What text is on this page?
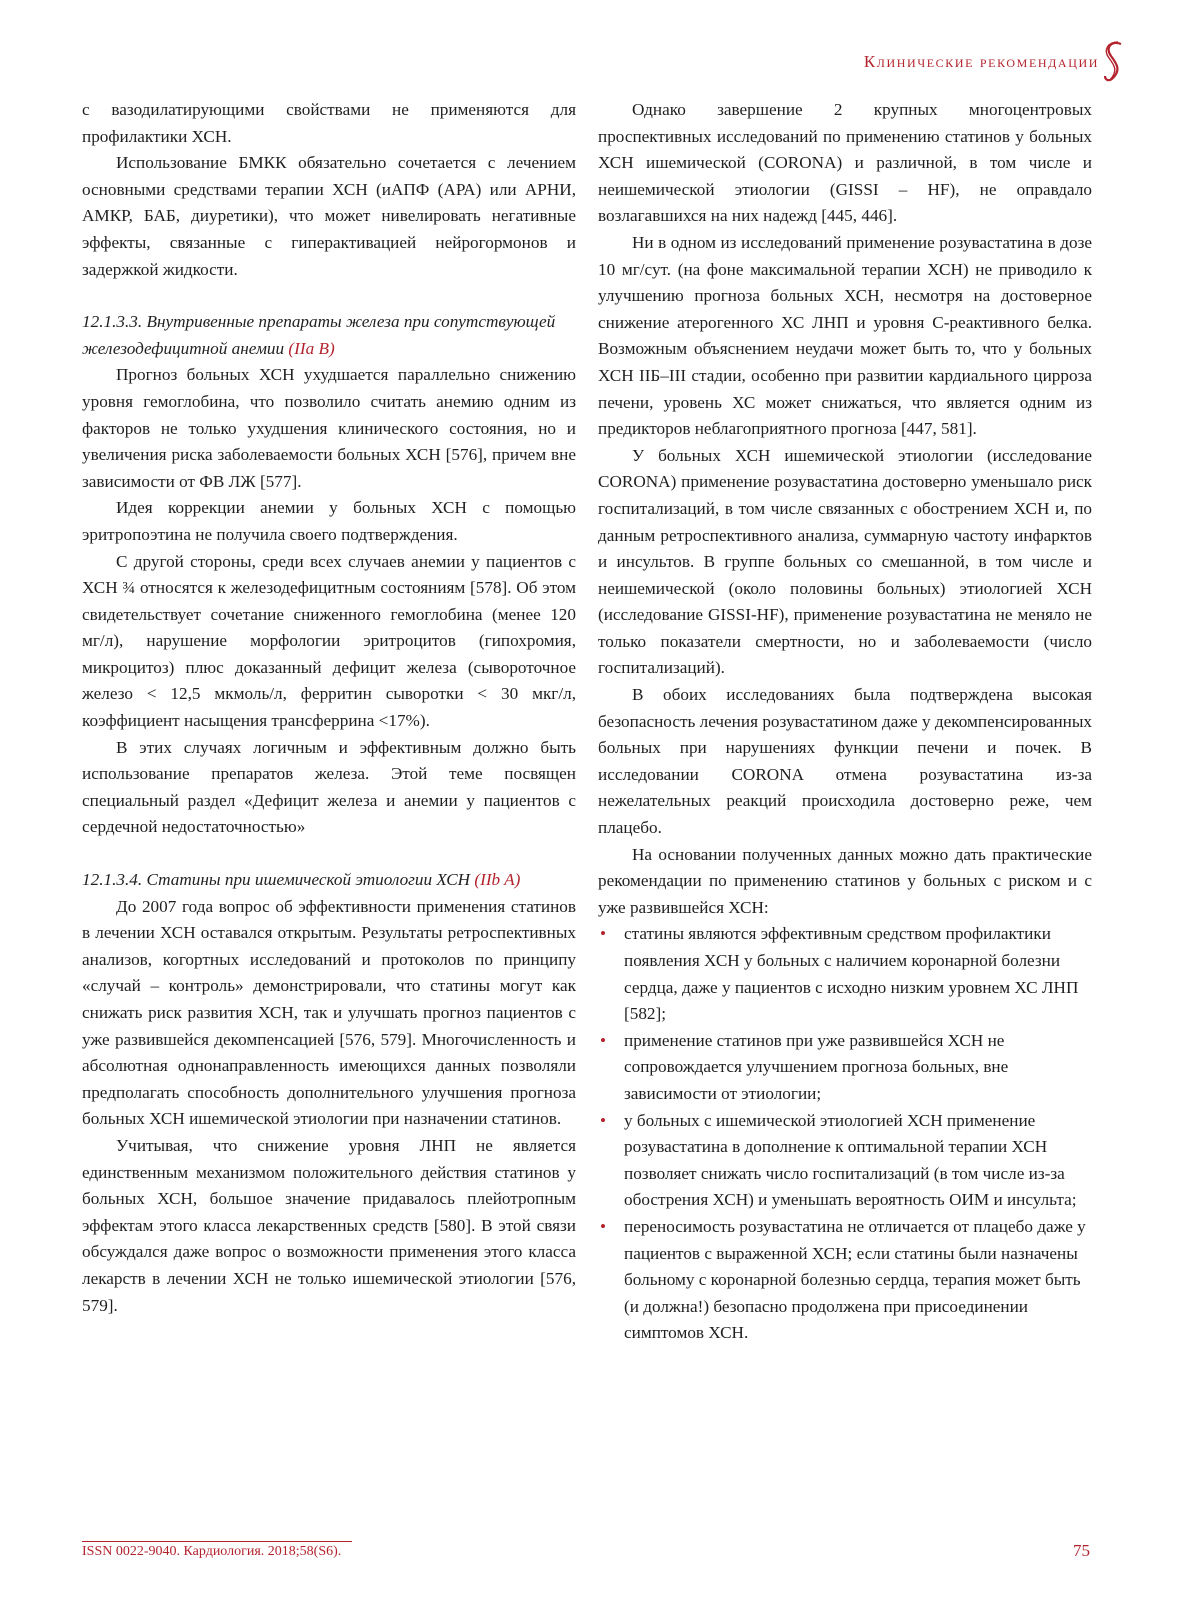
Клинические рекомендации

с вазодилатирующими свойствами не применяются для профилактики ХСН.

Использование БМКК обязательно сочетается с лечением основными средствами терапии ХСН (иАПФ (АРА) или АРНИ, АМКР, БАБ, диуретики), что может нивелировать негативные эффекты, связанные с гиперактивацией нейрогормонов и задержкой жидкости.

12.1.3.3. Внутривенные препараты железа при сопутствующей железодефицитной анемии (IIa B)

Прогноз больных ХСН ухудшается параллельно снижению уровня гемоглобина, что позволило считать анемию одним из факторов не только ухудшения клинического состояния, но и увеличения риска заболеваемости больных ХСН [576], причем вне зависимости от ФВ ЛЖ [577].

Идея коррекции анемии у больных ХСН с помощью эритропоэтина не получила своего подтверждения.

С другой стороны, среди всех случаев анемии у пациентов с ХСН ¾ относятся к железодефицитным состояниям [578]. Об этом свидетельствует сочетание сниженного гемоглобина (менее 120 мг/л), нарушение морфологии эритроцитов (гипохромия, микроцитоз) плюс доказанный дефицит железа (сывороточное железо < 12,5 мкмоль/л, ферритин сыворотки < 30 мкг/л, коэффициент насыщения трансферрина <17%).

В этих случаях логичным и эффективным должно быть использование препаратов железа. Этой теме посвящен специальный раздел «Дефицит железа и анемии у пациентов с сердечной недостаточностью»

12.1.3.4. Статины при ишемической этиологии ХСН (IIb A)

До 2007 года вопрос об эффективности применения статинов в лечении ХСН оставался открытым. Результаты ретроспективных анализов, когортных исследований и протоколов по принципу «случай – контроль» демонстрировали, что статины могут как снижать риск развития ХСН, так и улучшать прогноз пациентов с уже развившейся декомпенсацией [576, 579]. Многочисленность и абсолютная однонаправленность имеющихся данных позволяли предполагать способность дополнительного улучшения прогноза больных ХСН ишемической этиологии при назначении статинов.

Учитывая, что снижение уровня ЛНП не является единственным механизмом положительного действия статинов у больных ХСН, большое значение придавалось плейотропным эффектам этого класса лекарственных средств [580]. В этой связи обсуждался даже вопрос о возможности применения этого класса лекарств в лечении ХСН не только ишемической этиологии [576, 579].

Однако завершение 2 крупных многоцентровых проспективных исследований по применению статинов у больных ХСН ишемической (CORONA) и различной, в том числе и неишемической этиологии (GISSI – HF), не оправдало возлагавшихся на них надежд [445, 446].

Ни в одном из исследований применение розувастатина в дозе 10 мг/сут. (на фоне максимальной терапии ХСН) не приводило к улучшению прогноза больных ХСН, несмотря на достоверное снижение атерогенного ХС ЛНП и уровня С-реактивного белка. Возможным объяснением неудачи может быть то, что у больных ХСН IIБ–III стадии, особенно при развитии кардиального цирроза печени, уровень ХС может снижаться, что является одним из предикторов неблагоприятного прогноза [447, 581].

У больных ХСН ишемической этиологии (исследование CORONA) применение розувастатина достоверно уменьшало риск госпитализаций, в том числе связанных с обострением ХСН и, по данным ретроспективного анализа, суммарную частоту инфарктов и инсультов. В группе больных со смешанной, в том числе и неишемической (около половины больных) этиологией ХСН (исследование GISSI-HF), применение розувастатина не меняло не только показатели смертности, но и заболеваемости (число госпитализаций).

В обоих исследованиях была подтверждена высокая безопасность лечения розувастатином даже у декомпенсированных больных при нарушениях функции печени и почек. В исследовании CORONA отмена розувастатина из-за нежелательных реакций происходила достоверно реже, чем плацебо.

На основании полученных данных можно дать практические рекомендации по применению статинов у больных с риском и с уже развившейся ХСН:

• статины являются эффективным средством профилактики появления ХСН у больных с наличием коронарной болезни сердца, даже у пациентов с исходно низким уровнем ХС ЛНП [582];
• применение статинов при уже развившейся ХСН не сопровождается улучшением прогноза больных, вне зависимости от этиологии;
• у больных с ишемической этиологией ХСН применение розувастатина в дополнение к оптимальной терапии ХСН позволяет снижать число госпитализаций (в том числе из-за обострения ХСН) и уменьшать вероятность ОИМ и инсульта;
• переносимость розувастатина не отличается от плацебо даже у пациентов с выраженной ХСН; если статины были назначены больному с коронарной болезнью сердца, терапия может быть (и должна!) безопасно продолжена при присоединении симптомов ХСН.
ISSN 0022-9040. Кардиология. 2018;58(S6).	75
